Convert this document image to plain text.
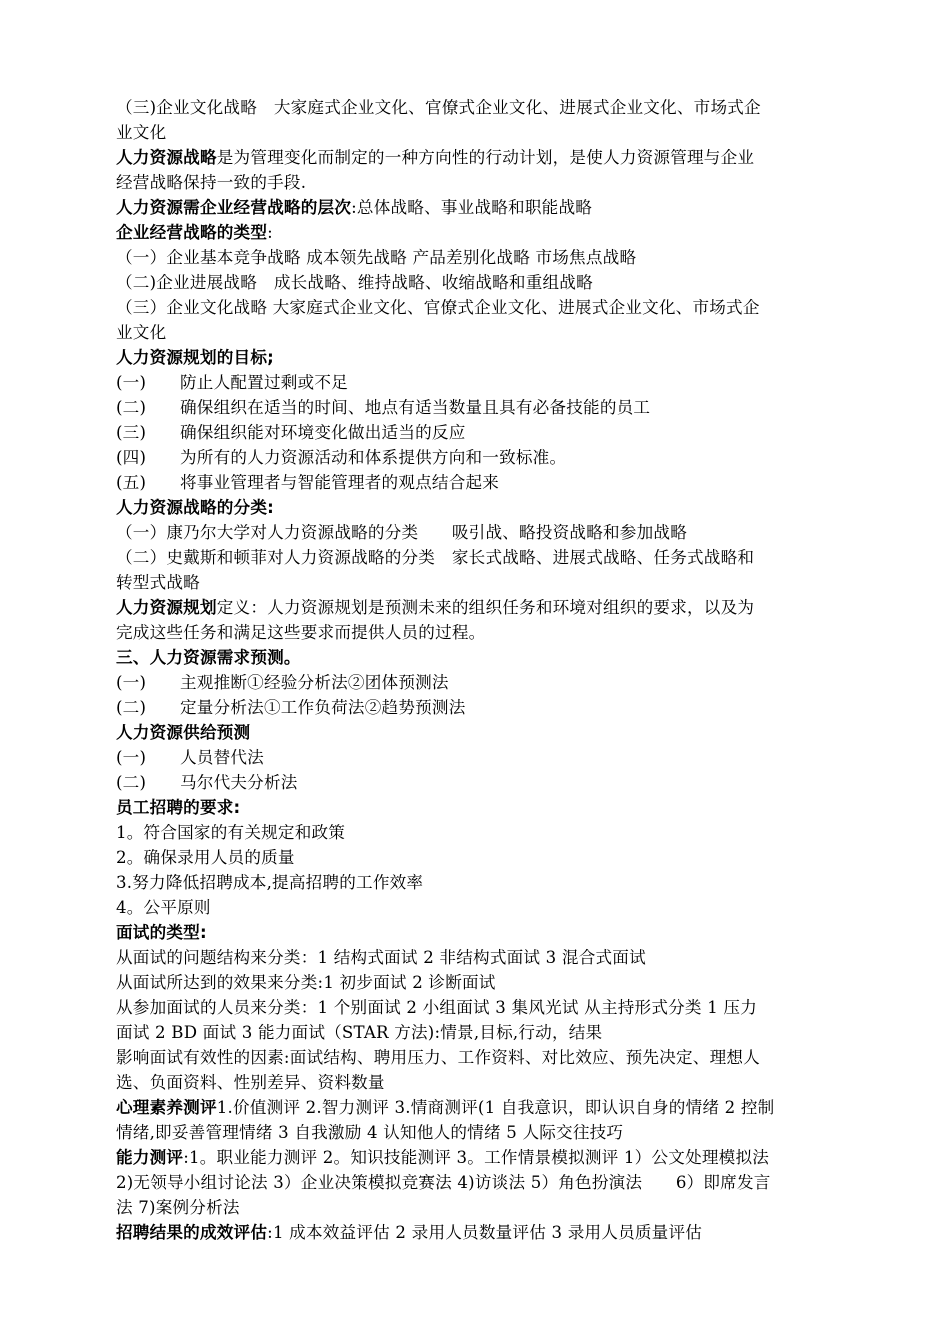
（三)企业文化战略　大家庭式企业文化、官僚式企业文化、进展式企业文化、市场式企
业文化
人力资源战略是为管理变化而制定的一种方向性的行动计划，是使人力资源管理与企业
经营战略保持一致的手段.
人力资源需企业经营战略的层次:总体战略、事业战略和职能战略
企业经营战略的类型:
（一）企业基本竞争战略 成本领先战略 产品差别化战略 市场焦点战略
（二)企业进展战略　成长战略、维持战略、收缩战略和重组战略
（三）企业文化战略 大家庭式企业文化、官僚式企业文化、进展式企业文化、市场式企
业文化
人力资源规划的目标;
(一) 防止人配置过剩或不足
(二) 确保组织在适当的时间、地点有适当数量且具有必备技能的员工
(三) 确保组织能对环境变化做出适当的反应
(四) 为所有的人力资源活动和体系提供方向和一致标准。
(五) 将事业管理者与智能管理者的观点结合起来
人力资源战略的分类:
（一）康乃尔大学对人力资源战略的分类　　吸引战、略投资战略和参加战略
（二）史戴斯和顿菲对人力资源战略的分类　家长式战略、进展式战略、任务式战略和
转型式战略
人力资源规划定义：人力资源规划是预测未来的组织任务和环境对组织的要求，以及为
完成这些任务和满足这些要求而提供人员的过程。
三、人力资源需求预测。
(一) 主观推断①经验分析法②团体预测法
(二) 定量分析法①工作负荷法②趋势预测法
人力资源供给预测
(一) 人员替代法
(二) 马尔代夫分析法
员工招聘的要求:
1。符合国家的有关规定和政策
2。确保录用人员的质量
3.努力降低招聘成本,提高招聘的工作效率
4。公平原则
面试的类型:
从面试的问题结构来分类：1 结构式面试 2 非结构式面试 3 混合式面试
从面试所达到的效果来分类:1 初步面试 2 诊断面试
从参加面试的人员来分类：1 个别面试 2 小组面试 3 集风光试 从主持形式分类 1 压力
面试 2 BD 面试 3 能力面试（STAR 方法):情景,目标,行动，结果
影响面试有效性的因素:面试结构、聘用压力、工作资料、对比效应、预先决定、理想人
选、负面资料、性别差异、资料数量
心理素养测评1.价值测评 2.智力测评 3.情商测评(1 自我意识，即认识自身的情绪 2 控制
情绪,即妥善管理情绪 3 自我激励 4 认知他人的情绪 5 人际交往技巧
能力测评:1。职业能力测评 2。知识技能测评 3。工作情景模拟测评 1）公文处理模拟法
2)无领导小组讨论法 3）企业决策模拟竞赛法 4)访谈法 5）角色扮演法　　6）即席发言
法 7)案例分析法
招聘结果的成效评估:1 成本效益评估 2 录用人员数量评估 3 录用人员质量评估
